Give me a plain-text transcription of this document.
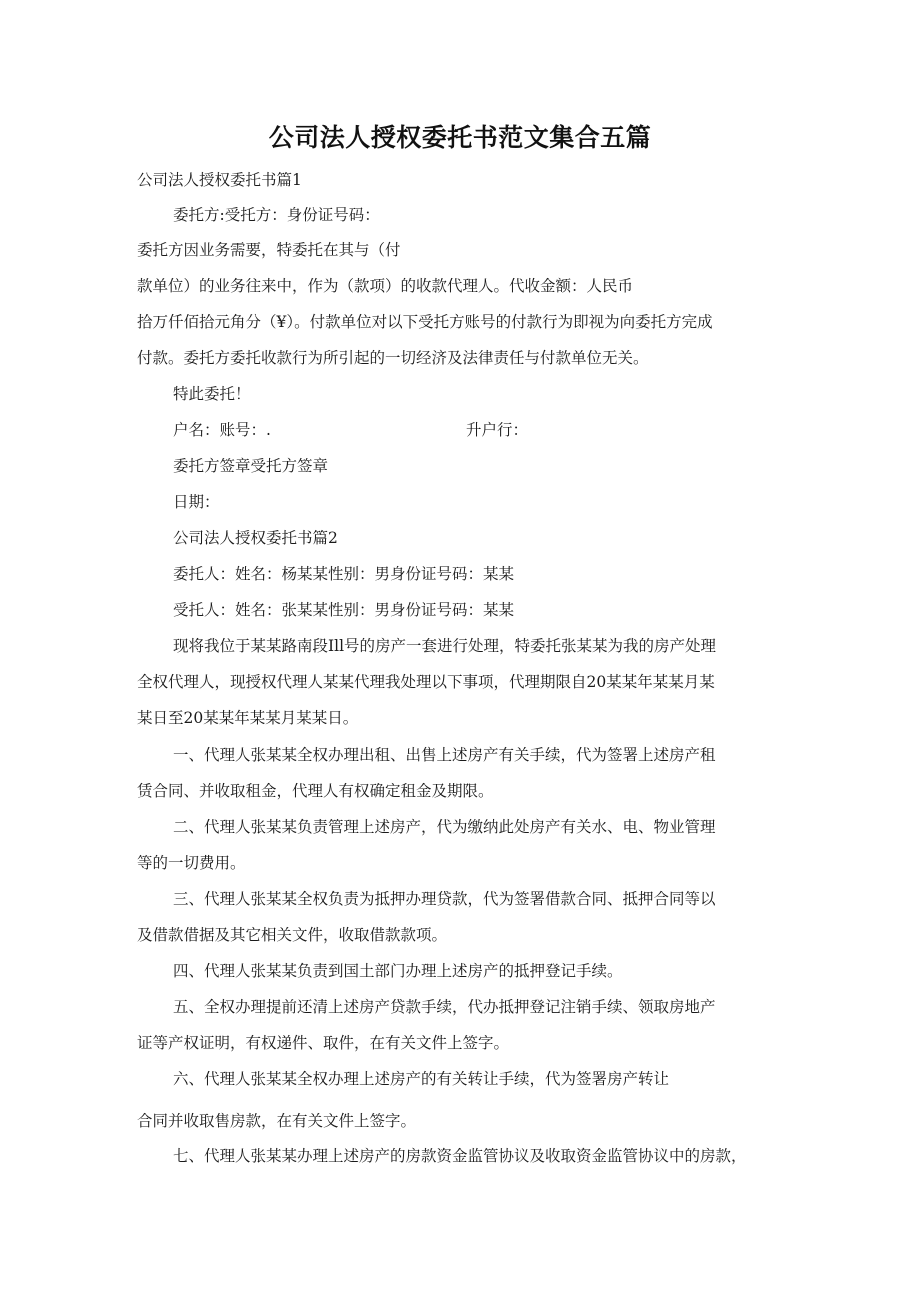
公司法人授权委托书范文集合五篇
公司法人授权委托书篇1
委托方:受托方：身份证号码：
委托方因业务需要，特委托在其与（付
款单位）的业务往来中，作为（款项）的收款代理人。代收金额：人民币
拾万仟佰拾元角分（¥）。付款单位对以下受托方账号的付款行为即视为向委托方完成
付款。委托方委托收款行为所引起的一切经济及法律责任与付款单位无关。
特此委托！
户名：账号：.	升户行：
委托方签章受托方签章
日期：
公司法人授权委托书篇2
委托人：姓名：杨某某性别：男身份证号码：某某
受托人：姓名：张某某性别：男身份证号码：某某
现将我位于某某路南段Ill号的房产一套进行处理，特委托张某某为我的房产处理
全权代理人，现授权代理人某某代理我处理以下事项，代理期限自20某某年某某月某
某日至20某某年某某月某某日。
一、代理人张某某全权办理出租、出售上述房产有关手续，代为签署上述房产租
赁合同、并收取租金，代理人有权确定租金及期限。
二、代理人张某某负责管理上述房产，代为缴纳此处房产有关水、电、物业管理
等的一切费用。
三、代理人张某某全权负责为抵押办理贷款，代为签署借款合同、抵押合同等以
及借款借据及其它相关文件，收取借款款项。
四、代理人张某某负责到国土部门办理上述房产的抵押登记手续。
五、全权办理提前还清上述房产贷款手续，代办抵押登记注销手续、领取房地产
证等产权证明，有权递件、取件，在有关文件上签字。
六、代理人张某某全权办理上述房产的有关转让手续，代为签署房产转让
合同并收取售房款，在有关文件上签字。
七、代理人张某某办理上述房产的房款资金监管协议及收取资金监管协议中的房款，
